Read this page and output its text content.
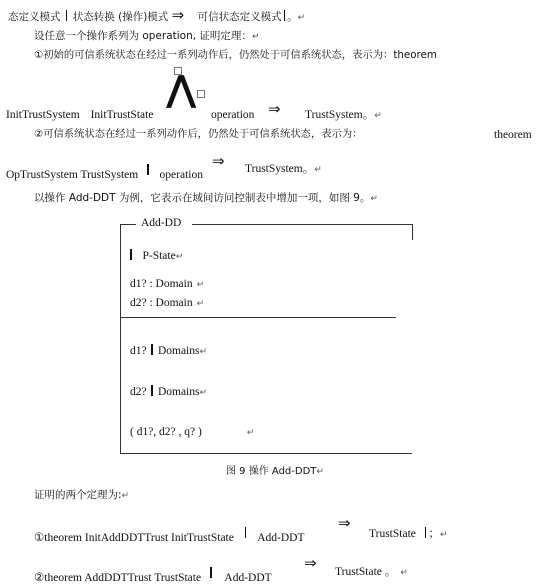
态定义模式 状态转换 (操作)模式 ⇒ 可信状态定义模式 。↵
设任意一个操作系列为 operation, 证明定理：↵
①初始的可信系统状态在经过一系列动作后，仍然处于可信系统状态，表示为：theorem
⋀
InitTrustSystem InitTrustState	operation ⇒ TrustSystem。↵
②可信系统状态在经过一系列动作后，仍然处于可信系统状态，表示为：	theorem
OpTrustSystem TrustSystem operation
⇒ TrustSystem。↵
以操作 Add-DDT 为例，它表示在域间访问控制表中增加一项，如图 9。↵
Add-DD
P-State↵
d1? : Domain ↵
d2? : Domain ↵
d1? Domains↵
d2? Domains↵
( d1?, d2? , q? )	↵
图 9 操作 Add-DDT↵
证明的两个定理为:↵
①theorem InitAddDDTTrust InitTrustState Add-DDT
⇒
TrustState ；↵
②theorem AddDDTTrust TrustState Add-DDT
⇒ TrustState 。 ↵
